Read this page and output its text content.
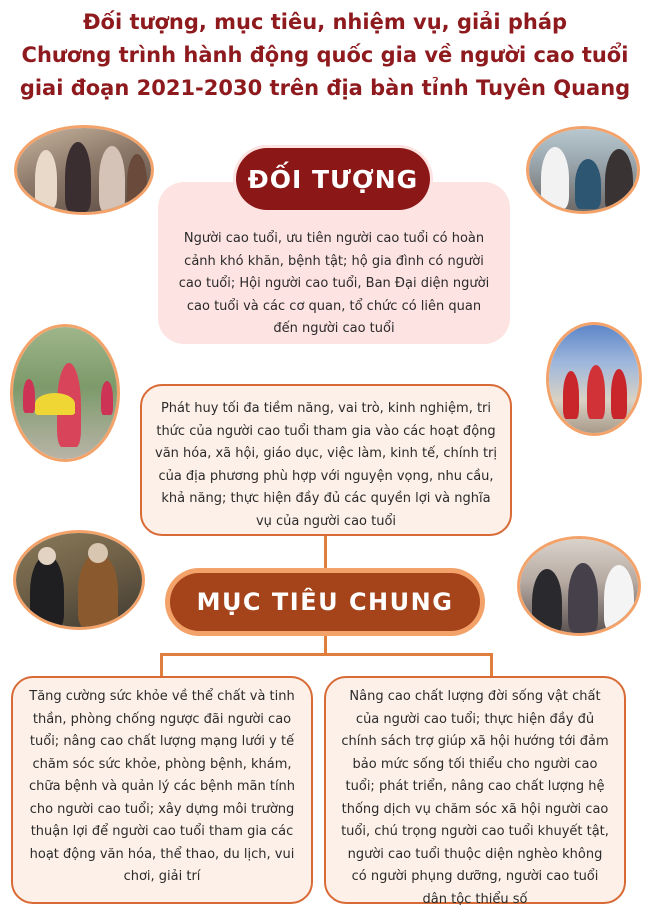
Đối tượng, mục tiêu, nhiệm vụ, giải pháp
Chương trình hành động quốc gia về người cao tuổi
giai đoạn 2021-2030 trên địa bàn tỉnh Tuyên Quang
Người cao tuổi, ưu tiên người cao tuổi có hoàn cảnh khó khăn, bệnh tật; hộ gia đình có người cao tuổi; Hội người cao tuổi, Ban Đại diện người cao tuổi và các cơ quan, tổ chức có liên quan đến người cao tuổi
ĐỐI TƯỢNG
Phát huy tối đa tiềm năng, vai trò, kinh nghiệm, tri thức của người cao tuổi tham gia vào các hoạt động văn hóa, xã hội, giáo dục, việc làm, kinh tế, chính trị của địa phương phù hợp với nguyện vọng, nhu cầu, khả năng; thực hiện đầy đủ các quyền lợi và nghĩa vụ của người cao tuổi
MỤC TIÊU CHUNG
Tăng cường sức khỏe về thể chất và tinh thần, phòng chống ngược đãi người cao tuổi; nâng cao chất lượng mạng lưới y tế chăm sóc sức khỏe, phòng bệnh, khám, chữa bệnh và quản lý các bệnh mãn tính cho người cao tuổi; xây dựng môi trường thuận lợi để người cao tuổi tham gia các hoạt động văn hóa, thể thao, du lịch, vui chơi, giải trí
Nâng cao chất lượng đời sống vật chất của người cao tuổi; thực hiện đầy đủ chính sách trợ giúp xã hội hướng tới đảm bảo mức sống tối thiểu cho người cao tuổi; phát triển, nâng cao chất lượng hệ thống dịch vụ chăm sóc xã hội người cao tuổi, chú trọng người cao tuổi khuyết tật, người cao tuổi thuộc diện nghèo không có người phụng dưỡng, người cao tuổi dân tộc thiểu số
